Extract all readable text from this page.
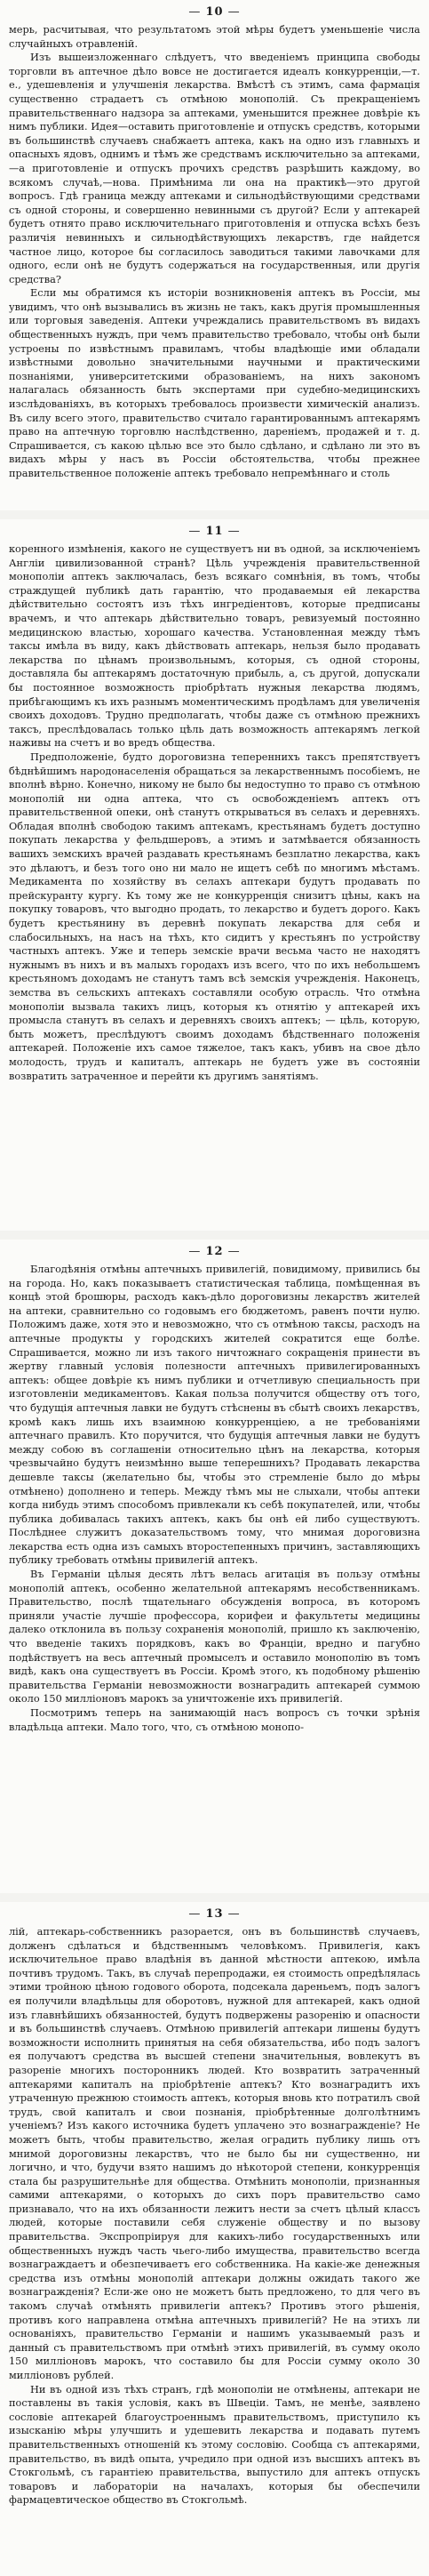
— 10 —

мерь, расчитывая, что результатомъ этой мѣры будетъ уменьшеніе числа случайныхъ отравленій.

Изъ вышеизложеннаго слѣдуетъ, что введеніемъ принципа свободы торговли въ аптечное дѣло вовсе не достигается идеалъ конкурренціи,—т. е., удешевленія и улучшенія лекарства. Вмѣстѣ съ этимъ, сама фармація существенно страдаетъ съ отмѣною монополій. Съ прекращеніемъ правительственнаго надзора за аптеками, уменьшится прежнее довѣріе къ нимъ публики. Идея—оставить приготовленіе и отпускъ средствъ, которыми въ большинствѣ случаевъ снабжаетъ аптека, какъ на одно изъ главныхъ и опасныхъ ядовъ, однимъ и тѣмъ же средствамъ исключительно за аптеками,—а приготовленіе и отпускъ прочихъ средствъ разрѣшить каждому, во всякомъ случаѣ,—нова. Примѣнима ли она на практикѣ—это другой вопросъ. Гдѣ граница между аптеками и сильнодѣйствующими средствами съ одной стороны, и совершенно невинными съ другой? Если у аптекарей будетъ отнято право исключительнаго приготовленія и отпуска всѣхъ безъ различія невинныхъ и сильнодѣйствующихъ лекарствъ, где найдется частное лицо, которое бы согласилось заводиться такими лавочками для одного, если онѣ не будутъ содержаться на государственныя, или другія средства?

Если мы обратимся къ исторіи возникновенія аптекъ въ Россіи, мы увидимъ, что онѣ вызывались въ жизнь не такъ, какъ другія промышленныя или торговыя заведенія. Аптеки учреждались правительствомъ въ видахъ общественныхъ нуждъ, при чемъ правительство требовало, чтобы онѣ были устроены по извѣстнымъ правиламъ, чтобы владѣющіе ими обладали извѣстными довольно значительными научными и практическими познаніями, университетскими образованіемъ, на нихъ закономъ налагалась обязанность быть экспертами при судебно-медицинскихъ изслѣдованіяхъ, въ которыхъ требовалось произвести химическій анализъ. Въ силу всего этого, правительство считало гарантированнымъ аптекарямъ право на аптечную торговлю наслѣдственно, дареніемъ, продажей и т. д. Спрашивается, съ какою цѣлью все это было сдѣлано, и сдѣлано ли это въ видахъ мѣры у насъ въ Россіи обстоятельства, чтобы прежнее правительственное положеніе аптекъ требовало непремѣннаго и столь

— 11 —

коренного измѣненія, какого не существуетъ ни въ одной, за исключеніемъ Англіи цивилизованной странѣ? Цѣль учрежденія правительственной монополіи аптекъ заключалась, безъ всякаго сомнѣнія, въ томъ, чтобы страждущей публикѣ дать гарантію, что продаваемыя ей лекарства дѣйствительно состоятъ изъ тѣхъ ингредіентовъ, которые предписаны врачемъ, и что аптекарь дѣйствительно товаръ, ревизуемый постоянно медицинскою властью, хорошаго качества. Установленная между тѣмъ таксы имѣла въ виду, какъ дѣйствовать аптекарь, нельзя было продавать лекарства по цѣнамъ произвольнымъ, которыя, съ одной стороны, доставляла бы аптекарямъ достаточную прибыль, а, съ другой, допускали бы постоянное возможность пріобрѣтать нужныя лекарства людямъ, прибѣгающимъ къ ихъ разнымъ моментическимъ продѣламъ для увеличенія своихъ доходовъ. Трудно предполагать, чтобы даже съ отмѣною прежнихъ таксъ, преслѣдовалась только цѣль дать возможность аптекарямъ легкой наживы на счетъ и во вредъ общества.

Предположеніе, будто дороговизна тепереннихъ таксъ препятствуетъ бѣднѣйшимъ народонаселенія обращаться за лекарственнымъ пособіемъ, не вполнѣ вѣрно. Конечно, никому не было бы недоступно то право съ отмѣною монополій ни одна аптека, что съ освобожденіемъ аптекъ отъ правительственной опеки, онѣ станутъ открываться въ селахъ и деревняхъ. Обладая вполнѣ свободою такимъ аптекамъ, крестьянамъ будетъ доступно покупать лекарства у фельдшеровъ, а этимъ и затмѣвается обязанность вашихъ земскихъ врачей раздавать крестьянамъ безплатно лекарства, какъ это дѣлаютъ, и безъ того оно ни мало не ищетъ себѣ по многимъ мѣстамъ. Медикамента по хозяйству въ селахъ аптекари будутъ продавать по прейскуранту кургу. Къ тому же не конкурренція снизитъ цѣны, какъ на покупку товаровъ, что выгодно продать, то лекарство и будетъ дорого. Какъ будетъ крестьянину въ деревнѣ покупать лекарства для себя и слабосильныхъ, на насъ на тѣхъ, кто сидитъ у крестьянъ по устройству частныхъ аптекъ. Уже и теперь земскіе врачи весьма часто не находятъ нужнымъ въ нихъ и въ малыхъ городахъ изъ всего, что по ихъ небольшемъ крестьяномъ доходамъ не станутъ тамъ всѣ земскія учрежденія. Наконецъ, земства въ сельскихъ аптекахъ составляли особую отрасль. Что отмѣна монополіи вызвала такихъ лицъ, которыя къ отнятію у аптекарей ихъ промысла станутъ въ селахъ и деревняхъ своихъ аптекъ; — цѣль, которую, быть можетъ, преслѣдуютъ своимъ доходамъ бѣдственнаго положенія аптекарей. Положеніе ихъ самое тяжелое, такъ какъ, убивъ на свое дѣло молодость, трудъ и капиталъ, аптекарь не будетъ уже въ состояніи возвратить затраченное и перейти къ другимъ занятіямъ.

— 12 —

Благодѣянія отмѣны аптечныхъ привилегій, повидимому, привились бы на города. Но, какъ показываетъ статистическая таблица, помѣщенная въ концѣ этой брошюры, расходъ какъ-дѣло дороговизны лекарствъ жителей на аптеки, сравнительно со годовымъ его бюджетомъ, равенъ почти нулю. Положимъ даже, хотя это и невозможно, что съ отмѣною таксы, расходъ на аптечные продукты у городскихъ жителей сократится еще болѣе. Спрашивается, можно ли изъ такого ничтожнаго сокращенія принести въ жертву главный условія полезности аптечныхъ привилегированныхъ аптекъ: общее довѣріе къ нимъ публики и отчетливую специальность при изготовленіи медикаментовъ. Какая польза получится обществу отъ того, что будущія аптечныя лавки не будутъ стѣснены въ сбытѣ своихъ лекарствъ, кромѣ какъ лишь ихъ взаимною конкурренціею, а не требованіями аптечнаго правилъ. Кто поручится, что будущія аптечныя лавки не будутъ между собою въ соглашеніи относительно цѣнъ на лекарства, которыя чрезвычайно будутъ неизмѣнно выше теперешнихъ? Продавать лекарства дешевле таксы (желательно бы, чтобы это стремленіе было до мѣры отмѣнено) дополнено и теперь. Между тѣмъ мы не слыхали, чтобы аптеки когда нибудь этимъ способомъ привлекали къ себѣ покупателей, или, чтобы публика добивалась такихъ аптекъ, какъ бы онѣ ей либо существуютъ. Послѣднее служитъ доказательствомъ тому, что мнимая дороговизна лекарства есть одна изъ самыхъ второстепенныхъ причинъ, заставляющихъ публику требовать отмѣны привилегій аптекъ.

Въ Германіи цѣлыя десять лѣтъ велась агитація въ пользу отмѣны монополій аптекъ, особенно желательной аптекарямъ несобственникамъ. Правительство, послѣ тщательнаго обсужденія вопроса, въ которомъ приняли участіе лучшіе профессора, корифеи и факультеты медицины далеко отклонила въ пользу сохраненія монополій, пришло къ заключенію, что введеніе такихъ порядковъ, какъ во Франціи, вредно и пагубно подѣйствуетъ на весь аптечный промыселъ и оставило монополію въ томъ видѣ, какъ она существуетъ въ Россіи. Кромѣ этого, къ подобному рѣшенію правительства Германіи невозможности вознаградить аптекарей суммою около 150 милліоновъ марокъ за уничтоженіе ихъ привилегій.

Посмотримъ теперь на занимающій насъ вопросъ съ точки зрѣнія владѣльца аптеки. Мало того, что, съ отмѣною монопо-

— 13 —

лій, аптекарь-собственникъ разорается, онъ въ большинствѣ случаевъ, долженъ сдѣлаться и бѣдственнымъ человѣкомъ. Привилегія, какъ исключительное право владѣнія въ данной мѣстности аптекою, имѣла почтивъ трудомъ. Такъ, въ случаѣ перепродажи, ея стоимость опредѣлялась этими тройною цѣною годового оборота, подсекала дареньемъ, подъ залогъ ея получили владѣльцы для оборотовъ, нужной для аптекарей, какъ одной изъ главнѣйшихъ обязанностей, будутъ подвержены разоренію и опасности и въ большинствѣ случаевъ. Отмѣною привилегій аптекари лишены будутъ возможности исполнить принятыя на себя обязательства, ибо подъ залогъ ея получаютъ средства въ высшей степени значительныя, вовлекутъ въ разореніе многихъ посторонникъ людей. Кто возвратить затраченный аптекарями капиталъ на пріобрѣтеніе аптекъ? Кто вознаградитъ ихъ утраченную прежнюю стоимость аптекъ, которыя вновь кто потратилъ свой трудъ, свой капиталъ и свои познанія, пріобрѣтенные долголѣтнимъ ученіемъ? Изъ какого источника будетъ уплачено это вознагражденіе? Не можетъ быть, чтобы правительство, желая оградить публику лишь отъ мнимой дороговизны лекарствъ, что не было бы ни существенно, ни логично, и что, будучи взято нашимъ до нѣкоторой степени, конкурренція стала бы разрушительнѣе для общества. Отмѣнить монополіи, признанныя самими аптекарями, о которыхъ до сихъ поръ правительство само признавало, что на ихъ обязанности лежитъ нести за счетъ цѣлый классъ людей, которые поставили себя служеніе обществу и по вызову правительства. Экспропріируя для какихъ-либо государственныхъ или общественныхъ нуждъ часть чьего-либо имущества, правительство всегда вознаграждаетъ и обезпечиваетъ его собственника. На какіе-же денежныя средства изъ отмѣны монополій аптекари должны ожидать такого же вознагражденія? Если-же оно не можетъ быть предложено, то для чего въ такомъ случаѣ отмѣнять привилегіи аптекъ? Противъ этого рѣшенія, противъ кого направлена отмѣна аптечныхъ привилегій? Не на этихъ ли основаніяхъ, правительство Германіи и нашимъ указываемый разъ и данный съ правительствомъ при отмѣнѣ этихъ привилегій, въ сумму около 150 милліоновъ марокъ, что составило бы для Россіи сумму около 30 милліоновъ рублей.

Ни въ одной изъ тѣхъ странъ, гдѣ монополіи не отмѣнены, аптекари не поставлены въ такія условія, какъ въ Швеціи. Тамъ, не менѣе, заявлено сословіе аптекарей благоустроеннымъ правительствомъ, приступило къ изысканію мѣры улучшить и удешевить лекарства и подавать путемъ правительственныхъ отношеній къ этому сословію. Сообща съ аптекарями, правительство, въ видѣ опыта, учредило при одной изъ высшихъ аптекъ въ Стокгольмѣ, съ гарантіею правительства, выпустило для аптекъ отпускъ товаровъ и лабораторіи на началахъ, которыя бы обеспечили фармацевтическое общество въ Стокгольмѣ.
